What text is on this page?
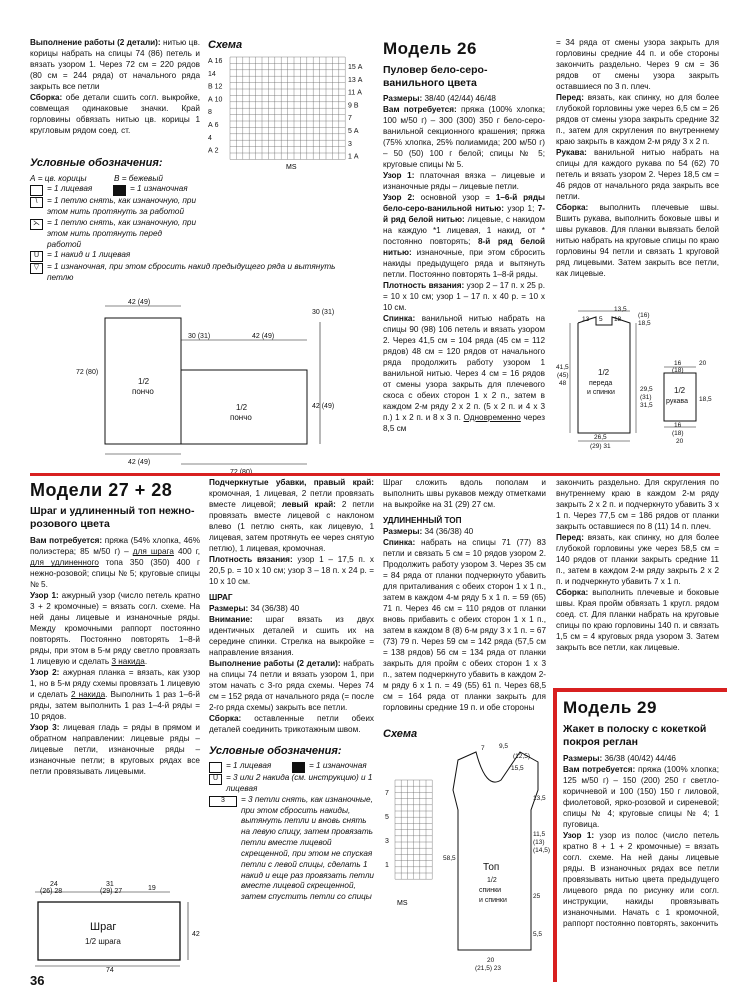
Выполнение работы (2 детали): нитью цв. корицы набрать на спицы 74 (86) петель и вязать узором 1. Через 72 см = 220 рядов (80 см = 244 ряда) от начального ряда закрыть все петли

Сборка: обе детали сшить согл. выкройке, совмещая одинаковые значки. Край горловины обвязать нитью цв. корицы 1 кругловым рядом соед. ст.

Условные обозначения:
А = цв. корицы	В = бежевый
= 1 лицевая	= 1 изнаночная
\	= 1 петлю снять, как изнаночную, при этом нить протянуть за работой
⋋ = 1 петлю снять, как изнаночную, при этом нить протянуть перед работой
U = 1 накид и 1 лицевая
▽ = 1 изнаночная, при этом сбросить накид предыдущего ряда и вытянуть петлю
42 (49)
72 (80)
1/2
пончо
30 (31)	42 (49)
30 (31)
42 (49)
1/2
пончо
42 (49)
Схема
А 16
14
В 12
А 10
8
А 6
4
А 2
15 А
13 А
11 А
9 В
7
5 А
3
1 А
MS
Модель 26
Пуловер бело-серо-ванильного цвета

Размеры: 38/40 (42/44) 46/48

Вам потребуется: пряжа (100% хлопка; 100 м/50 г) – 300 (300) 350 г бело-серо-ванильной секционного крашения; пряжа (75% хлопка, 25% полиамида; 200 м/50 г) – 50 (50) 100 г белой; спицы № 5; круговые спицы № 5.

Узор 1: платочная вязка – лицевые и изнаночные ряды – лицевые петли.

Узор 2: основной узор = 1–6-й ряды бело-серо-ванильной нитью: узор 1; 7-й ряд белой нитью: лицевые, с накидом на каждую *1 лицевая, 1 накид, от * постоянно повторять; 8-й ряд белой нитью: изнаночные, при этом сбросить накиды предыдущего ряда и вытянуть петли. Постоянно повторять 1–8-й ряды.

Плотность вязания: узор 2 – 17 п. х 25 р. = 10 х 10 см; узор 1 – 17 п. х 40 р. = 10 х 10 см.

Спинка: ванильной нитью набрать на спицы 90 (98) 106 петель и вязать узором 2. Через 41,5 см = 104 ряда (45 см = 112 рядов) 48 см = 120 рядов от начального ряда продолжить работу узором 1 ванильной нитью. Через 4 см = 16 рядов от смены узора закрыть для плечевого скоса с обеих сторон 1 х 2 п., затем в каждом 2-м ряду 2 х 2 п. (5 х 2 п. и 4 х 3 п.) 1 х 2 п. и 8 х 3 п. Одновременно через 8,5 см

= 34 ряда от смены узора закрыть для горловины средние 44 п. и обе стороны закончить раздельно. Через 9 см = 36 рядов от смены узора закрыть оставшиеся по 3 п. плеч.

Перед: вязать, как спинку, но для более глубокой горловины уже через 6,5 см = 26 рядов от смены узора закрыть средние 32 п., затем для скругления по внутреннему краю закрыть в каждом 2-м ряду 3 х 2 п.

Рукава: ванильной нитью набрать на спицы для каждого рукава по 54 (62) 70 петель и вязать узором 2. Через 18,5 см = 46 рядов от начального ряда закрыть все петли.

Сборка: выполнить плечевые швы. Вшить рукава, выполнить боковые швы и швы рукавов. Для планки вывязать белой нитью набрать на круговые спицы по краю горловины 94 петли и связать 1 круговой ряд лицевыми. Затем закрыть все петли, как лицевые.

13,5
(16)
18,5
13 5 18
41,5
(45)
48
1/2
переда
и спинки	29,5
(31)
31,5
26,5
(29) 31
16
(18)
20
1/2
рукава 18,5
16
(18)
20
Модели 27 + 28
Шраг и удлиненный топ нежно-розового цвета

Вам потребуется: пряжа (54% хлопка, 46% полиэстера; 85 м/50 г) – для шрага 400 г, для удлиненного топа 350 (350) 400 г нежно-розовой; спицы № 5; круговые спицы № 5.

Узор 1: ажурный узор (число петель кратно 3 + 2 кромочные) = вязать согл. схеме. На ней даны лицевые и изнаночные ряды. Между кромочными раппорт постоянно повторять. Постоянно повторять 1–8-й ряды, при этом в 5-м ряду светло провязать 1 лицевую и сделать 3 накида.

Узор 2: ажурная планка = вязать, как узор 1, но в 5-м ряду схемы провязать 1 лицевую и сделать 2 накида. Выполнить 1 раз 1–6-й ряды, затем выполнить 1 раз 1–4-й ряды = 10 рядов.

Узор 3: лицевая гладь = ряды в прямом и обратном направлении: лицевые ряды – лицевые петли, изнаночные ряды – изнаночные петли; в круговых рядах все петли провязывать лицевыми.

24
(26) 28
31
(29) 27	19
Шраг
1/2 шрага
74
42

Подчеркнутые убавки, правый край: кромочная, 1 лицевая, 2 петли провязать вместе лицевой; левый край: 2 петли провязать вместе лицевой с наклоном влево (1 петлю снять, как лицевую, 1 лицевая, затем протянуть ее через снятую петлю), 1 лицевая, кромочная.

Плотность вязания: узор 1 – 17,5 п. х 20,5 р. = 10 х 10 см; узор 3 – 18 п. х 24 р. = 10 х 10 см.

ШРАГ

Размеры: 34 (36/38) 40

Внимание: шраг вязать из двух идентичных деталей и сшить их на середине спинки. Стрелка на выкройке = направление вязания.

Выполнение работы (2 детали): набрать на спицы 74 петли и вязать узором 1, при этом начать с 3-го ряда схемы. Через 74 см = 152 ряда от начального ряда (= после 2-го ряда схемы) закрыть все петли.

Сборка: оставленные петли обеих деталей соединить трикотажным швом.

Условные обозначения:
= 1 лицевая	= 1 изнаночная
U = 3 или 2 накида (см. инструкцию) и 1 лицевая
3	= 3 петли снять, как изнаночные, при этом сбросить накиды, вытянуть петли и вновь снять на левую спицу, затем провязать петли вместе лицевой скрещенной, при этом не спуская петли с левой спицы, сделать 1 накид и еще раз провязать петли вместе лицевой скрещенной, затем спустить петли со спицы

Шраг сложить вдоль пополам и выполнить швы рукавов между отметками на выкройке на 31 (29) 27 см.

УДЛИНЕННЫЙ ТОП

Размеры: 34 (36/38) 40

Спинка: набрать на спицы 71 (77) 83 петли и связать 5 см = 10 рядов узором 2. Продолжить работу узором 3. Через 35 см = 84 ряда от планки подчеркнуто убавить для приталивания с обеих сторон 1 х 1 п., затем в каждом 4-м ряду 5 х 1 п. = 59 (65) 71 п. Через 46 см = 110 рядов от планки вновь прибавить с обеих сторон 1 х 1 п., затем в каждом 8 (8) 6-м ряду 3 х 1 п. = 67 (73) 79 п. Через 59 см = 142 ряда (57,5 см = 138 рядов) 56 см = 134 ряда от планки закрыть для пройм с обеих сторон 1 х 3 п., затем подчеркнуто убавить в каждом 2-м ряду 6 х 1 п. = 49 (55) 61 п. Через 68,5 см = 164 ряда от планки закрыть для горловины средние 19 п. и обе стороны

Схема
7
5
3
1
MS
7 9,5
(12,5)
15,5
58,5
Топ
1/2
спинки
и спинки
20
(21,5) 23
13,5
11,5
(13)
(14,5)
25
5,5

закончить раздельно. Для скругления по внутреннему краю в каждом 2-м ряду закрыть 2 х 2 п. и подчеркнуто убавить 3 х 1 п. Через 77,5 см = 186 рядов от планки закрыть оставшиеся по 8 (11) 14 п. плеч.

Перед: вязать, как спинку, но для более глубокой горловины уже через 58,5 см = 140 рядов от планки закрыть средние 11 п., затем в каждом 2-м ряду закрыть 2 х 2 п. и подчеркнуто убавить 7 х 1 п.

Сборка: выполнить плечевые и боковые швы. Края пройм обвязать 1 кругл. рядом соед. ст. Для планки набрать на круговые спицы по краю горловины 140 п. и связать 1,5 см = 4 круговых ряда узором 3. Затем закрыть все петли, как лицевые.

Модель 29
Жакет в полоску с кокеткой покроя реглан

Размеры: 36/38 (40/42) 44/46

Вам потребуется: пряжа (100% хлопка; 125 м/50 г) – 150 (200) 250 г светло-коричневой и 100 (150) 150 г лиловой, фиолетовой, ярко-розовой и сиреневой; спицы № 4; круговые спицы № 4; 1 пуговица.

Узор 1: узор из полос (число петель кратно 8 + 1 + 2 кромочные) = вязать согл. схеме. На ней даны лицевые ряды. В изнаночных рядах все петли провязывать нитью цвета предыдущего лицевого ряда по рисунку или согл. инструкции, накиды провязывать изнаночными. Начать с 1 кромочной, раппорт постоянно повторять, закончить

36
